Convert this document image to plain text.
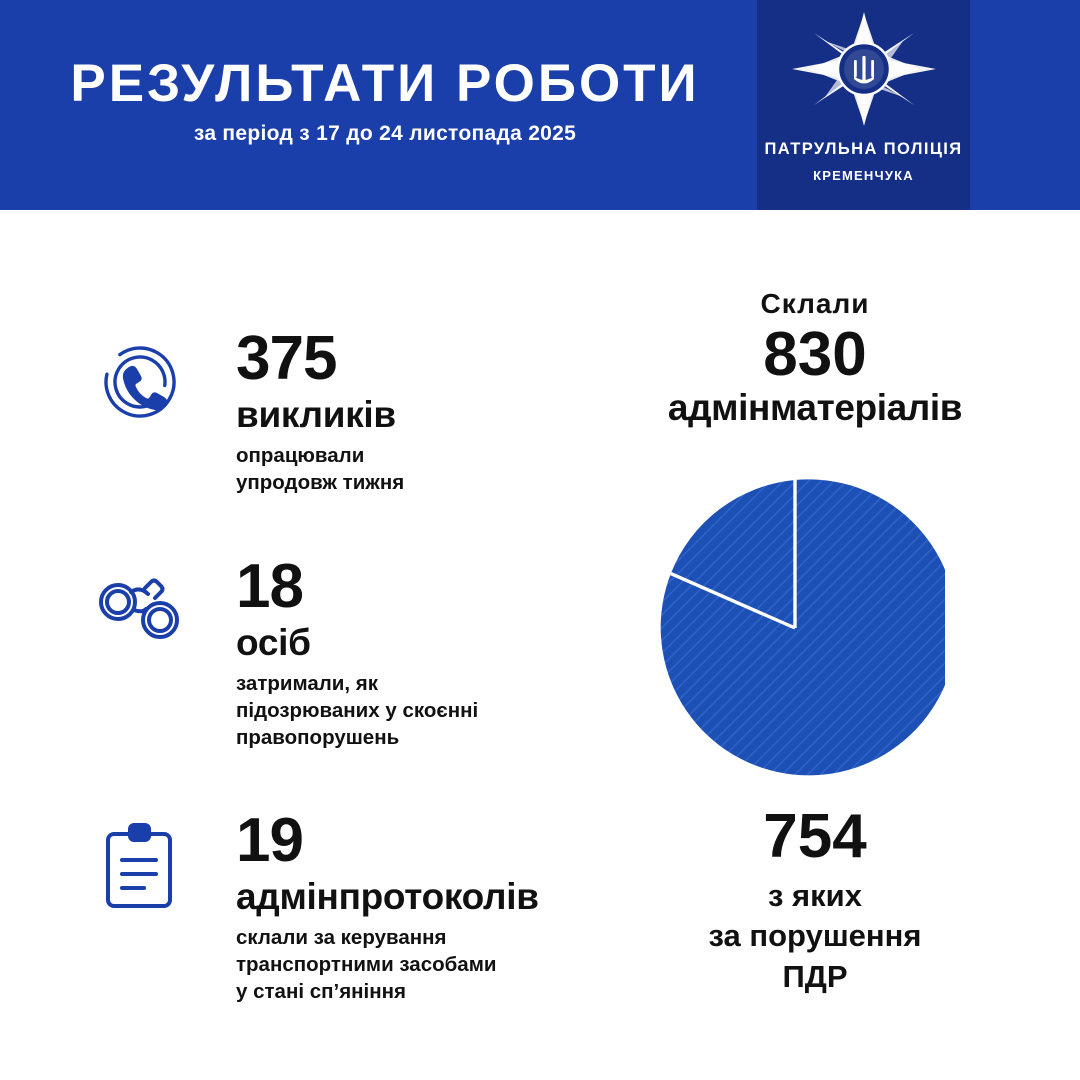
РЕЗУЛЬТАТИ РОБОТИ
за період з 17 до 24 листопада 2025
ПАТРУЛЬНА ПОЛІЦІЯ
КРЕМЕНЧУКА
375
викликів
опрацювали
упродовж тижня
18
осіб
затримали, як
підозрюваних у скоєнні
правопорушень
19
адмінпротоколів
склали за керування
транспортними засобами
у стані сп’яніння
Склали
830
адмінматеріалів
754
з яких
за порушення
ПДР
